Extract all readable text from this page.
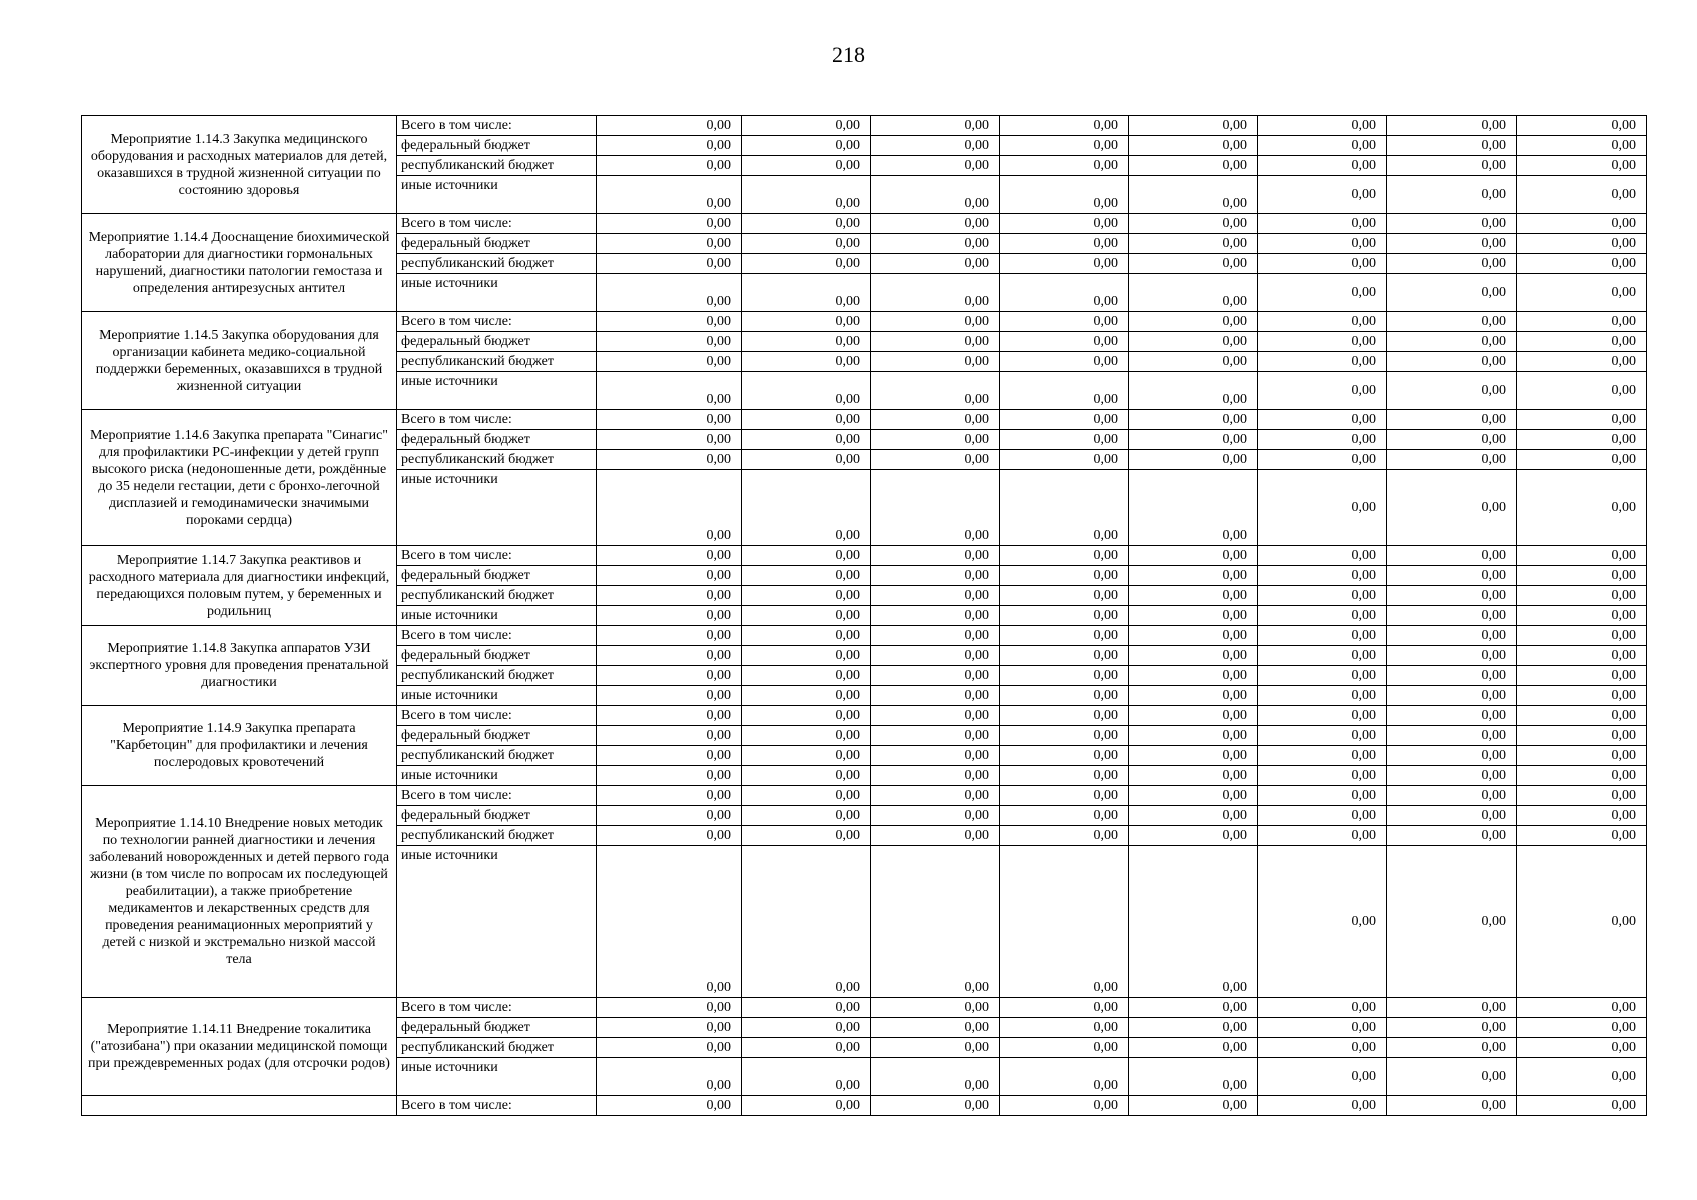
218
Мероприятие 1.14.3 Закупка медицинского оборудования и расходных материалов для детей, оказавшихся в трудной жизненной ситуации по состоянию здоровья	Всего в том числе:	0,00	0,00	0,00	0,00	0,00	0,00	0,00	0,00
	федеральный бюджет	0,00	0,00	0,00	0,00	0,00	0,00	0,00	0,00
	республиканский бюджет	0,00	0,00	0,00	0,00	0,00	0,00	0,00	0,00
	иные источники	0,00	0,00	0,00	0,00	0,00	0,00	0,00	0,00
Мероприятие 1.14.4 Дооснащение биохимической лаборатории для диагностики гормональных нарушений, диагностики патологии гемостаза и определения антирезусных антител	Всего в том числе:	0,00	0,00	0,00	0,00	0,00	0,00	0,00	0,00
	федеральный бюджет	0,00	0,00	0,00	0,00	0,00	0,00	0,00	0,00
	республиканский бюджет	0,00	0,00	0,00	0,00	0,00	0,00	0,00	0,00
	иные источники	0,00	0,00	0,00	0,00	0,00	0,00	0,00	0,00
Мероприятие 1.14.5 Закупка оборудования для организации кабинета медико-социальной поддержки беременных, оказавшихся в трудной жизненной ситуации	Всего в том числе:	0,00	0,00	0,00	0,00	0,00	0,00	0,00	0,00
	федеральный бюджет	0,00	0,00	0,00	0,00	0,00	0,00	0,00	0,00
	республиканский бюджет	0,00	0,00	0,00	0,00	0,00	0,00	0,00	0,00
	иные источники	0,00	0,00	0,00	0,00	0,00	0,00	0,00	0,00
Мероприятие 1.14.6 Закупка препарата "Синагис" для профилактики РС-инфекции у детей групп высокого риска (недоношенные дети, рождённые до 35 недели гестации, дети с бронхо-легочной дисплазией и гемодинамически значимыми пороками сердца)	Всего в том числе:	0,00	0,00	0,00	0,00	0,00	0,00	0,00	0,00
	федеральный бюджет	0,00	0,00	0,00	0,00	0,00	0,00	0,00	0,00
	республиканский бюджет	0,00	0,00	0,00	0,00	0,00	0,00	0,00	0,00
	иные источники	0,00	0,00	0,00	0,00	0,00	0,00	0,00	0,00
Мероприятие 1.14.7 Закупка реактивов и расходного материала для диагностики инфекций, передающихся половым путем, у беременных и родильниц	Всего в том числе:	0,00	0,00	0,00	0,00	0,00	0,00	0,00	0,00
	федеральный бюджет	0,00	0,00	0,00	0,00	0,00	0,00	0,00	0,00
	республиканский бюджет	0,00	0,00	0,00	0,00	0,00	0,00	0,00	0,00
	иные источники	0,00	0,00	0,00	0,00	0,00	0,00	0,00	0,00
Мероприятие 1.14.8 Закупка аппаратов УЗИ экспертного уровня для проведения пренатальной диагностики	Всего в том числе:	0,00	0,00	0,00	0,00	0,00	0,00	0,00	0,00
	федеральный бюджет	0,00	0,00	0,00	0,00	0,00	0,00	0,00	0,00
	республиканский бюджет	0,00	0,00	0,00	0,00	0,00	0,00	0,00	0,00
	иные источники	0,00	0,00	0,00	0,00	0,00	0,00	0,00	0,00
Мероприятие 1.14.9 Закупка препарата "Карбетоцин" для профилактики и лечения послеродовых кровотечений	Всего в том числе:	0,00	0,00	0,00	0,00	0,00	0,00	0,00	0,00
	федеральный бюджет	0,00	0,00	0,00	0,00	0,00	0,00	0,00	0,00
	республиканский бюджет	0,00	0,00	0,00	0,00	0,00	0,00	0,00	0,00
	иные источники	0,00	0,00	0,00	0,00	0,00	0,00	0,00	0,00
Мероприятие 1.14.10 Внедрение новых методик по технологии ранней диагностики и лечения заболеваний новорожденных и детей первого года жизни (в том числе по вопросам их последующей реабилитации), а также приобретение медикаментов и лекарственных средств для проведения реанимационных мероприятий у детей с низкой и экстремально низкой массой тела	Всего в том числе:	0,00	0,00	0,00	0,00	0,00	0,00	0,00	0,00
	федеральный бюджет	0,00	0,00	0,00	0,00	0,00	0,00	0,00	0,00
	республиканский бюджет	0,00	0,00	0,00	0,00	0,00	0,00	0,00	0,00
	иные источники	0,00	0,00	0,00	0,00	0,00	0,00	0,00	0,00
Мероприятие 1.14.11 Внедрение токалитика ("атозибана") при оказании медицинской помощи при преждевременных родах (для отсрочки родов)	Всего в том числе:	0,00	0,00	0,00	0,00	0,00	0,00	0,00	0,00
	федеральный бюджет	0,00	0,00	0,00	0,00	0,00	0,00	0,00	0,00
	республиканский бюджет	0,00	0,00	0,00	0,00	0,00	0,00	0,00	0,00
	иные источники	0,00	0,00	0,00	0,00	0,00	0,00	0,00	0,00
	Всего в том числе:	0,00	0,00	0,00	0,00	0,00	0,00	0,00	0,00
